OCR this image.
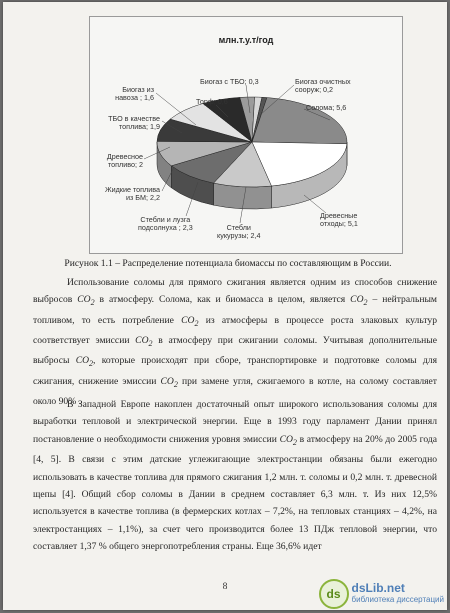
млн.т.у.т/год
Солома; 5,6
Древесные
отходы; 5,1
Стебли
кукурузы; 2,4
Стебли и лузга
подсолнуха ; 2,3
Жидкие топлива
из БМ; 2,2
Древесное
топливо; 2
ТБО в качестве
топлива; 1,9
Биогаз из
навоза ; 1,6	Торф; 0,6
Биогаз с ТБО; 0,3	Биогаз очистных
сооруж; 0,2
Рисунок 1.1 – Распределение потенциала биомассы по составляющим в России.

Использование соломы для прямого сжигания является одним из способов снижение выбросов $CO_2$ в атмосферу. Солома, как и биомасса в целом, является $CO_2$ – нейтральным топливом, то есть потребление $CO_2$ из атмосферы в процессе роста злаковых культур соответствует эмиссии $CO_2$ в атмосферу при сжигании соломы. Учитывая дополнительные выбросы $CO_2$, которые происходят при сборе, транспортировке и подготовке соломы для сжигания, снижение эмиссии $CO_2$ при замене угля, сжигаемого в котле, на солому составляет около 90% .

В Западной Европе накоплен достаточный опыт широкого использования соломы для выработки тепловой и электрической энергии. Еще в 1993 году парламент Дании принял постановление о необходимости снижения уровня эмиссии $CO_2$ в атмосферу на 20% до 2005 года [4, 5]. В связи с этим датские углежигающие электростанции обязаны были ежегодно использовать в качестве топлива для прямого сжигания 1,2 млн. т. соломы и 0,2 млн. т. древесной щепы [4]. Общий сбор соломы в Дании в среднем составляет 6,3 млн. т. Из них 12,5% используется в качестве топлива (в фермерских котлах – 7,2%, на тепловых станциях – 4,2%, на электростанциях – 1,1%), за счет чего производится более 13 ПДж тепловой энергии, что составляет 1,37 % общего энергопотребления страны. Еще 36,6% идет

8
ds dsLib.net
библиотека диссертаций
